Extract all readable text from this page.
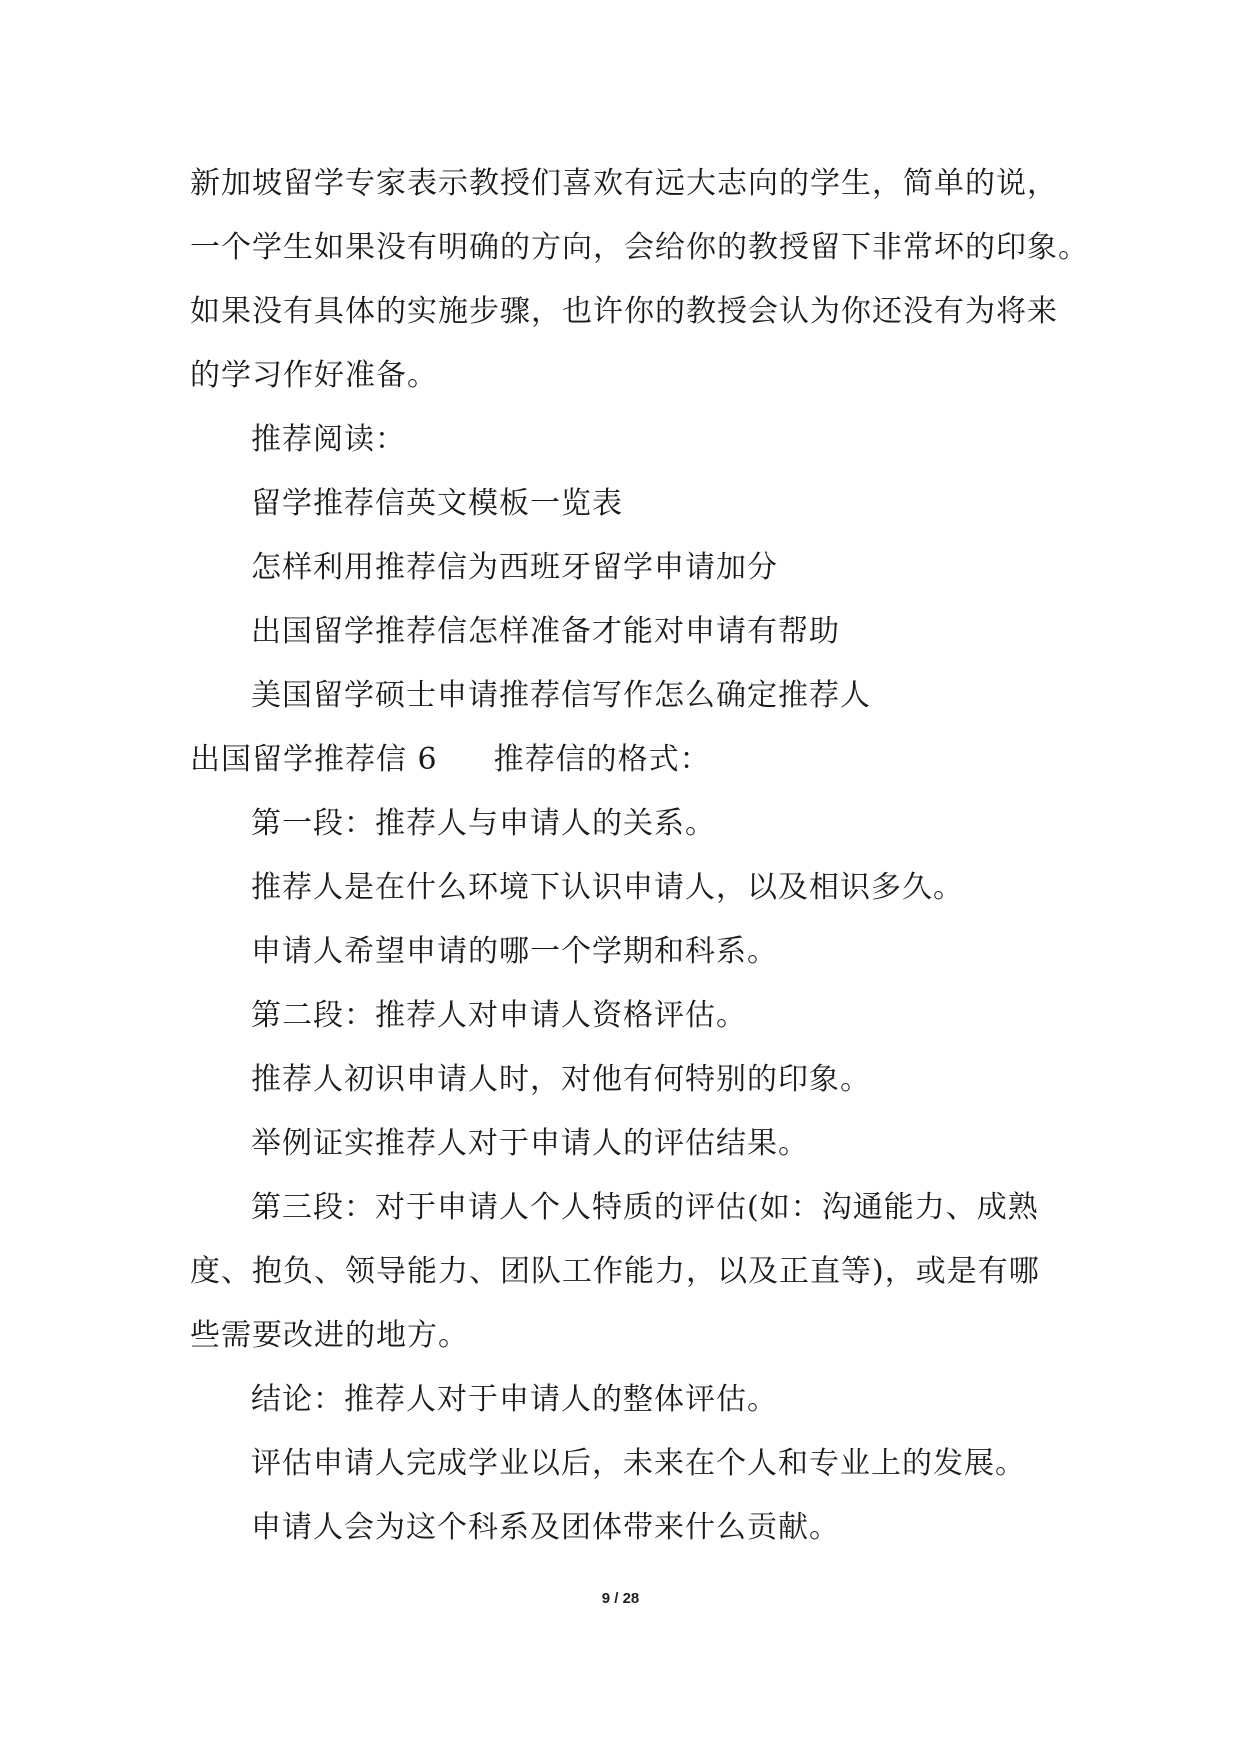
新加坡留学专家表示教授们喜欢有远大志向的学生，简单的说，
一个学生如果没有明确的方向，会给你的教授留下非常坏的印象。
如果没有具体的实施步骤，也许你的教授会认为你还没有为将来
的学习作好准备。
推荐阅读：
留学推荐信英文模板一览表
怎样利用推荐信为西班牙留学申请加分
出国留学推荐信怎样准备才能对申请有帮助
美国留学硕士申请推荐信写作怎么确定推荐人
出国留学推荐信 6 推荐信的格式：
第一段：推荐人与申请人的关系。
推荐人是在什么环境下认识申请人，以及相识多久。
申请人希望申请的哪一个学期和科系。
第二段：推荐人对申请人资格评估。
推荐人初识申请人时，对他有何特别的印象。
举例证实推荐人对于申请人的评估结果。
第三段：对于申请人个人特质的评估(如：沟通能力、成熟
度、抱负、领导能力、团队工作能力，以及正直等)，或是有哪
些需要改进的地方。
结论：推荐人对于申请人的整体评估。
评估申请人完成学业以后，未来在个人和专业上的发展。
申请人会为这个科系及团体带来什么贡献。
9 / 28
